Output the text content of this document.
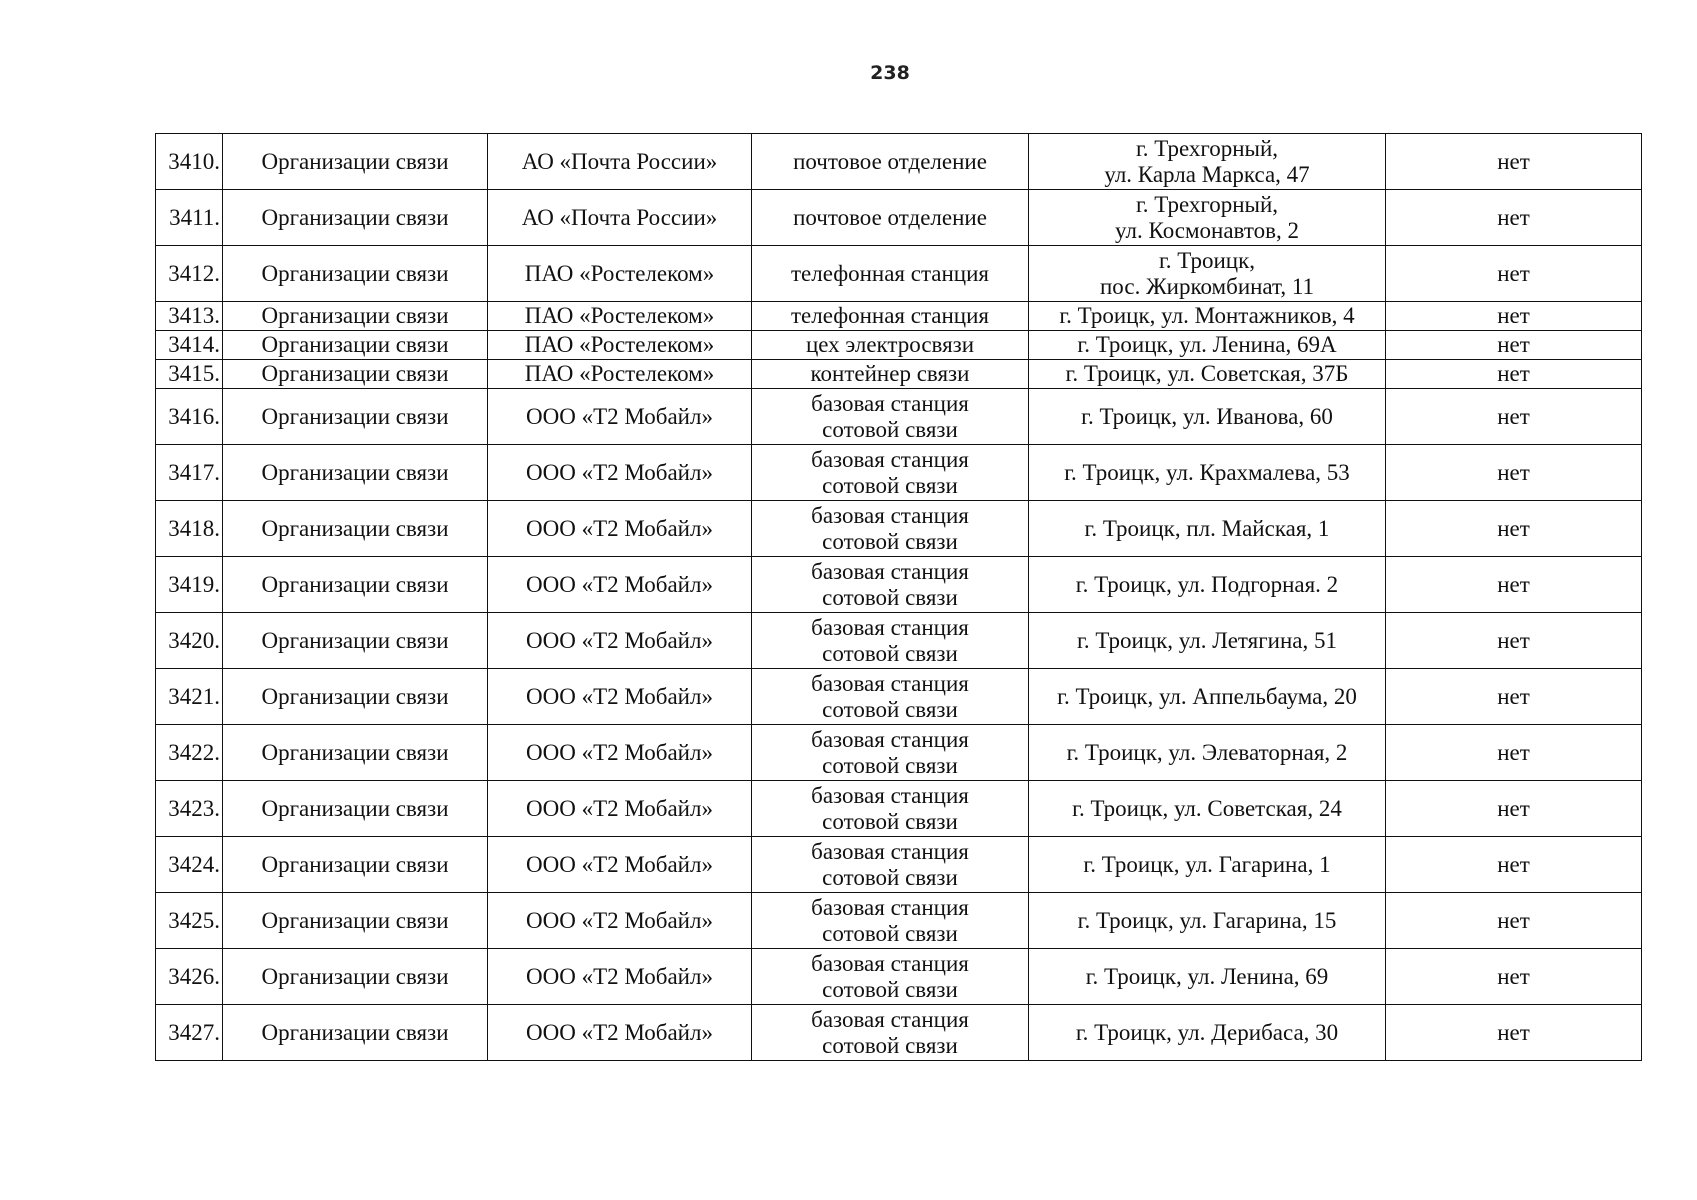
238
3410.	Организации связи	АО «Почта России»	почтовое отделение	г. Трехгорный,
ул. Карла Маркса, 47	нет
3411.	Организации связи	АО «Почта России»	почтовое отделение	г. Трехгорный,
ул. Космонавтов, 2	нет
3412.	Организации связи	ПАО «Ростелеком»	телефонная станция	г. Троицк,
пос. Жиркомбинат, 11	нет
3413.	Организации связи	ПАО «Ростелеком»	телефонная станция	г. Троицк, ул. Монтажников, 4	нет
3414.	Организации связи	ПАО «Ростелеком»	цех электросвязи	г. Троицк, ул. Ленина, 69А	нет
3415.	Организации связи	ПАО «Ростелеком»	контейнер связи	г. Троицк, ул. Советская, 37Б	нет
3416.	Организации связи	ООО «Т2 Мобайл»	базовая станция
сотовой связи	г. Троицк, ул. Иванова, 60	нет
3417.	Организации связи	ООО «Т2 Мобайл»	базовая станция
сотовой связи	г. Троицк, ул. Крахмалева, 53	нет
3418.	Организации связи	ООО «Т2 Мобайл»	базовая станция
сотовой связи	г. Троицк, пл. Майская, 1	нет
3419.	Организации связи	ООО «Т2 Мобайл»	базовая станция
сотовой связи	г. Троицк, ул. Подгорная. 2	нет
3420.	Организации связи	ООО «Т2 Мобайл»	базовая станция
сотовой связи	г. Троицк, ул. Летягина, 51	нет
3421.	Организации связи	ООО «Т2 Мобайл»	базовая станция
сотовой связи	г. Троицк, ул. Аппельбаума, 20	нет
3422.	Организации связи	ООО «Т2 Мобайл»	базовая станция
сотовой связи	г. Троицк, ул. Элеваторная, 2	нет
3423.	Организации связи	ООО «Т2 Мобайл»	базовая станция
сотовой связи	г. Троицк, ул. Советская, 24	нет
3424.	Организации связи	ООО «Т2 Мобайл»	базовая станция
сотовой связи	г. Троицк, ул. Гагарина, 1	нет
3425.	Организации связи	ООО «Т2 Мобайл»	базовая станция
сотовой связи	г. Троицк, ул. Гагарина, 15	нет
3426.	Организации связи	ООО «Т2 Мобайл»	базовая станция
сотовой связи	г. Троицк, ул. Ленина, 69	нет
3427.	Организации связи	ООО «Т2 Мобайл»	базовая станция
сотовой связи	г. Троицк, ул. Дерибаса, 30	нет
